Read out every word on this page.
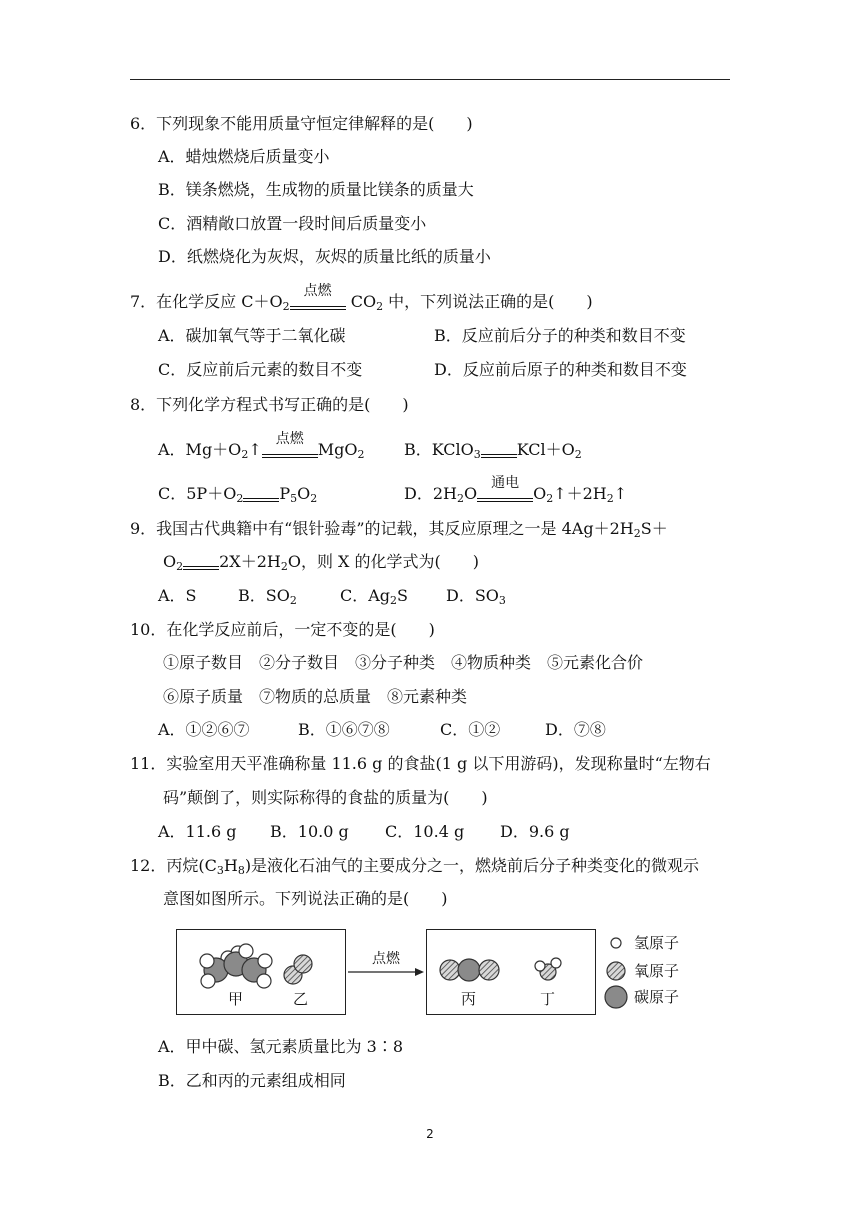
6．下列现象不能用质量守恒定律解释的是(　　)
A．蜡烛燃烧后质量变小
B．镁条燃烧，生成物的质量比镁条的质量大
C．酒精敞口放置一段时间后质量变小
D．纸燃烧化为灰烬，灰烬的质量比纸的质量小
7．在化学反应 $C+O_2$
点燃
$CO_2$ 中，下列说法正确的是(　　)
A．碳加氧气等于二氧化碳	B．反应前后分子的种类和数目不变
C．反应前后元素的数目不变	D．反应前后原子的种类和数目不变
8．下列化学方程式书写正确的是(　　)
A．$Mg+O_2↑$
点燃
MgO$_2$ B．KClO$_3$ $KCl+O_2$
C．$5P+O_2$ $P_5O_2$	D．$2H_2O$
通电
$O_2↑+2H_2↑$
9．我国古代典籍中有“银针验毒”的记载，其反应原理之一是 $4Ag+2H_2S+$
$O_2$ $2X+2H_2O$，则 X 的化学式为(　　)
A．S	B．$SO_2$	C．$Ag_2S$ D．$SO_3$
10．在化学反应前后，一定不变的是(　　)
①原子数目　②分子数目　③分子种类　④物质种类　⑤元素化合价
⑥原子质量　⑦物质的总质量　⑧元素种类
A．①②⑥⑦	B．①⑥⑦⑧	C．①②	D．⑦⑧
11．实验室用天平准确称量 11.6 g 的食盐(1 g 以下用游码)，发现称量时“左物右
码”颠倒了，则实际称得的食盐的质量为(　　)
A．11.6 g B．10.0 g C．10.4 g D．9.6 g
12．丙烷$(C_3H_8)$是液化石油气的主要成分之一，燃烧前后分子种类变化的微观示
意图如图所示。下列说法正确的是(　　)
点燃
甲	乙	丙	丁
氢原子
氧原子
碳原子
A．甲中碳、氢元素质量比为 3∶8
B．乙和丙的元素组成相同
2
